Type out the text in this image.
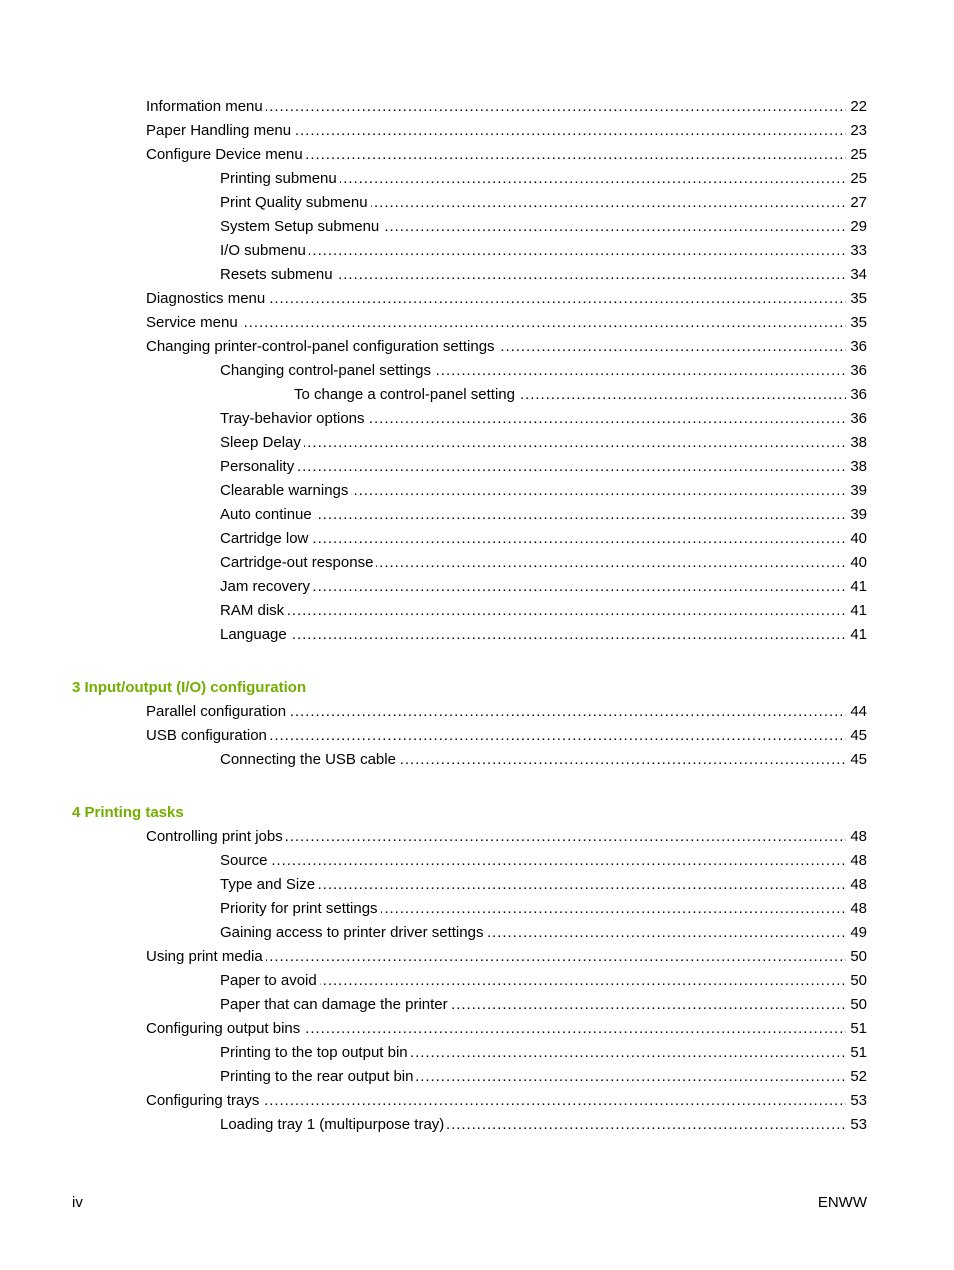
. . .
Information menu	22
. . .
Paper Handling menu	23
. . .
Configure Device menu	25
. . .
Printing submenu	25
. . .
Print Quality submenu	27
. . .
System Setup submenu	29
. . .
I/O submenu	33
. . .
Resets submenu	34
. . .
Diagnostics menu	35
. . .
Service menu	35
. . .
Changing printer-control-panel configuration settings	36
. . .
Changing control-panel settings	36
. . .
To change a control-panel setting	36
. . .
Tray-behavior options	36
. . .
Sleep Delay	38
. . .
Personality	38
. . .
Clearable warnings	39
. . .
Auto continue	39
. . .
Cartridge low	40
. . .
Cartridge-out response	40
. . .
Jam recovery	41
. . .
RAM disk	41
. . .
Language	41
3 Input/output (I/O) configuration
. . .
Parallel configuration	44
. . .
USB configuration	45
. . .
Connecting the USB cable	45
4 Printing tasks
. . .
Controlling print jobs	48
. . .
Source	48
. . .
Type and Size	48
. . .
Priority for print settings	48
. . .
Gaining access to printer driver settings	49
. . .
Using print media	50
. . .
Paper to avoid	50
. . .
Paper that can damage the printer	50
. . .
Configuring output bins	51
. . .
Printing to the top output bin	51
. . .
Printing to the rear output bin	52
. . .
Configuring trays	53
. . .
Loading tray 1 (multipurpose tray)	53
iv	ENWW
